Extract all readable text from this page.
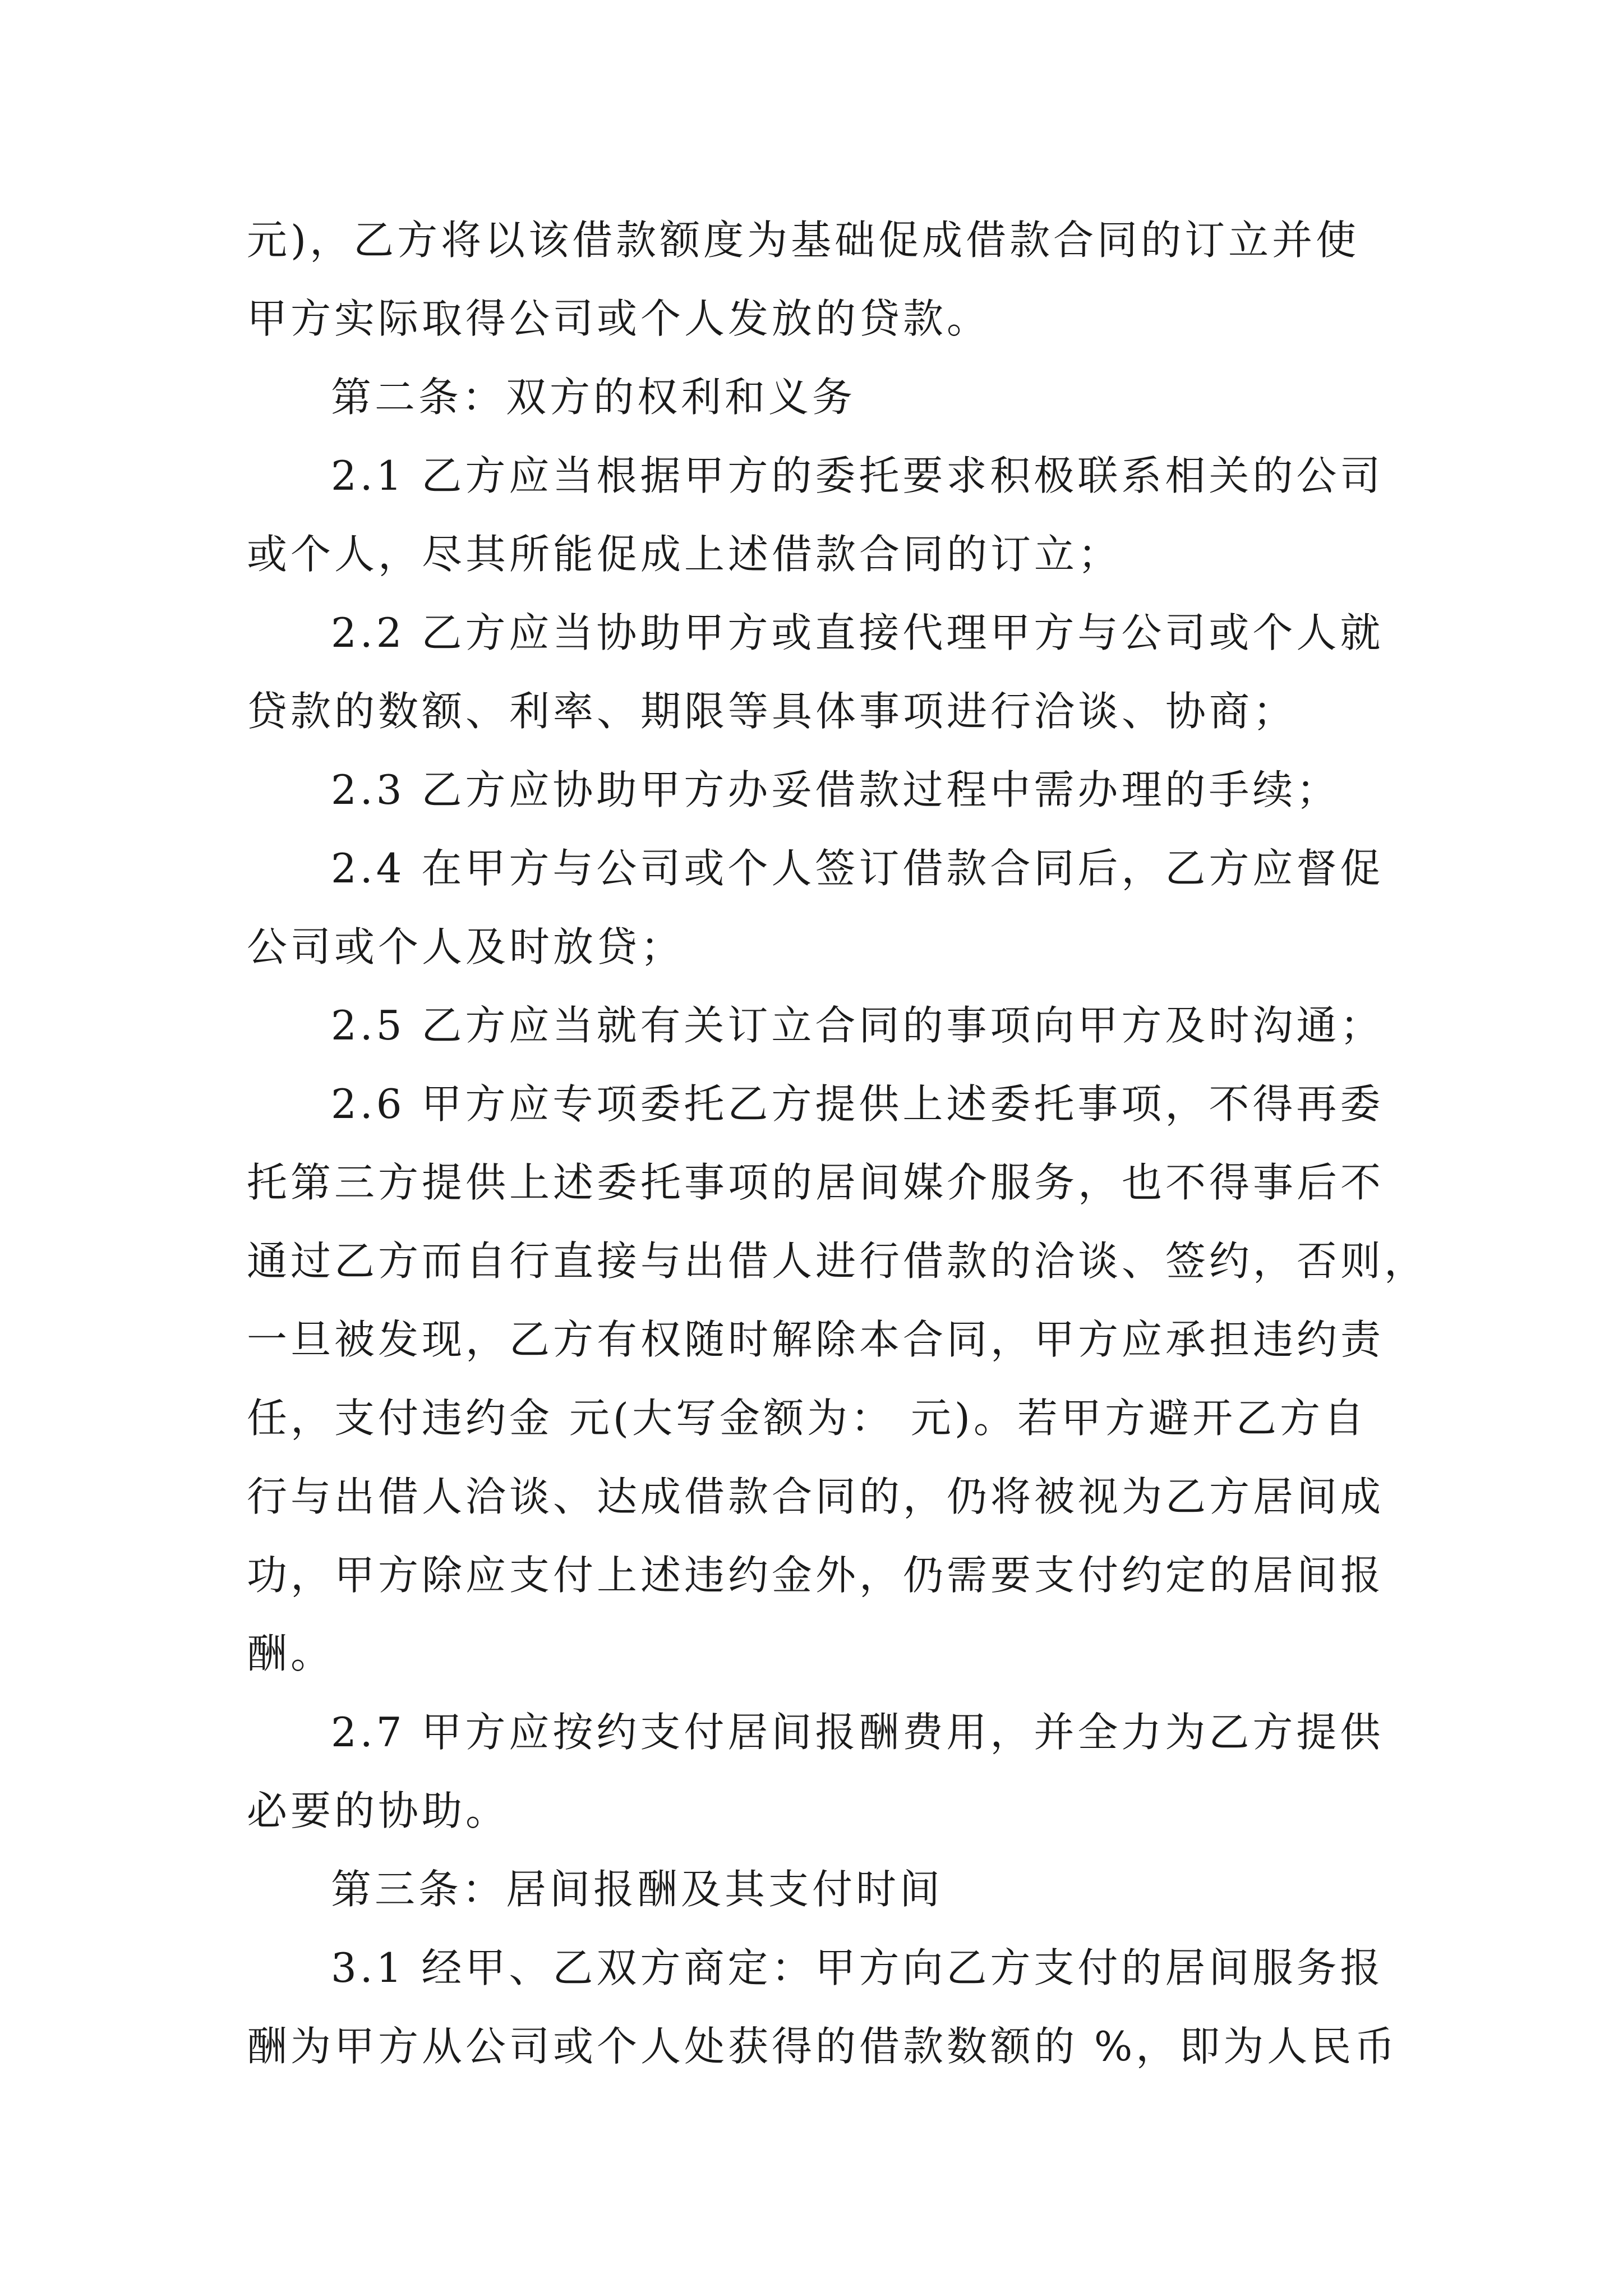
元)，乙方将以该借款额度为基础促成借款合同的订立并使
甲方实际取得公司或个人发放的贷款。
第二条：双方的权利和义务
2.1 乙方应当根据甲方的委托要求积极联系相关的公司
或个人，尽其所能促成上述借款合同的订立；
2.2 乙方应当协助甲方或直接代理甲方与公司或个人就
贷款的数额、利率、期限等具体事项进行洽谈、协商；
2.3 乙方应协助甲方办妥借款过程中需办理的手续；
2.4 在甲方与公司或个人签订借款合同后，乙方应督促
公司或个人及时放贷；
2.5 乙方应当就有关订立合同的事项向甲方及时沟通；
2.6 甲方应专项委托乙方提供上述委托事项，不得再委
托第三方提供上述委托事项的居间媒介服务，也不得事后不
通过乙方而自行直接与出借人进行借款的洽谈、签约，否则，
一旦被发现，乙方有权随时解除本合同，甲方应承担违约责
任，支付违约金 元(大写金额为： 元)。若甲方避开乙方自
行与出借人洽谈、达成借款合同的，仍将被视为乙方居间成
功，甲方除应支付上述违约金外，仍需要支付约定的居间报
酬。
2.7 甲方应按约支付居间报酬费用，并全力为乙方提供
必要的协助。
第三条：居间报酬及其支付时间
3.1 经甲、乙双方商定：甲方向乙方支付的居间服务报
酬为甲方从公司或个人处获得的借款数额的 %，即为人民币
